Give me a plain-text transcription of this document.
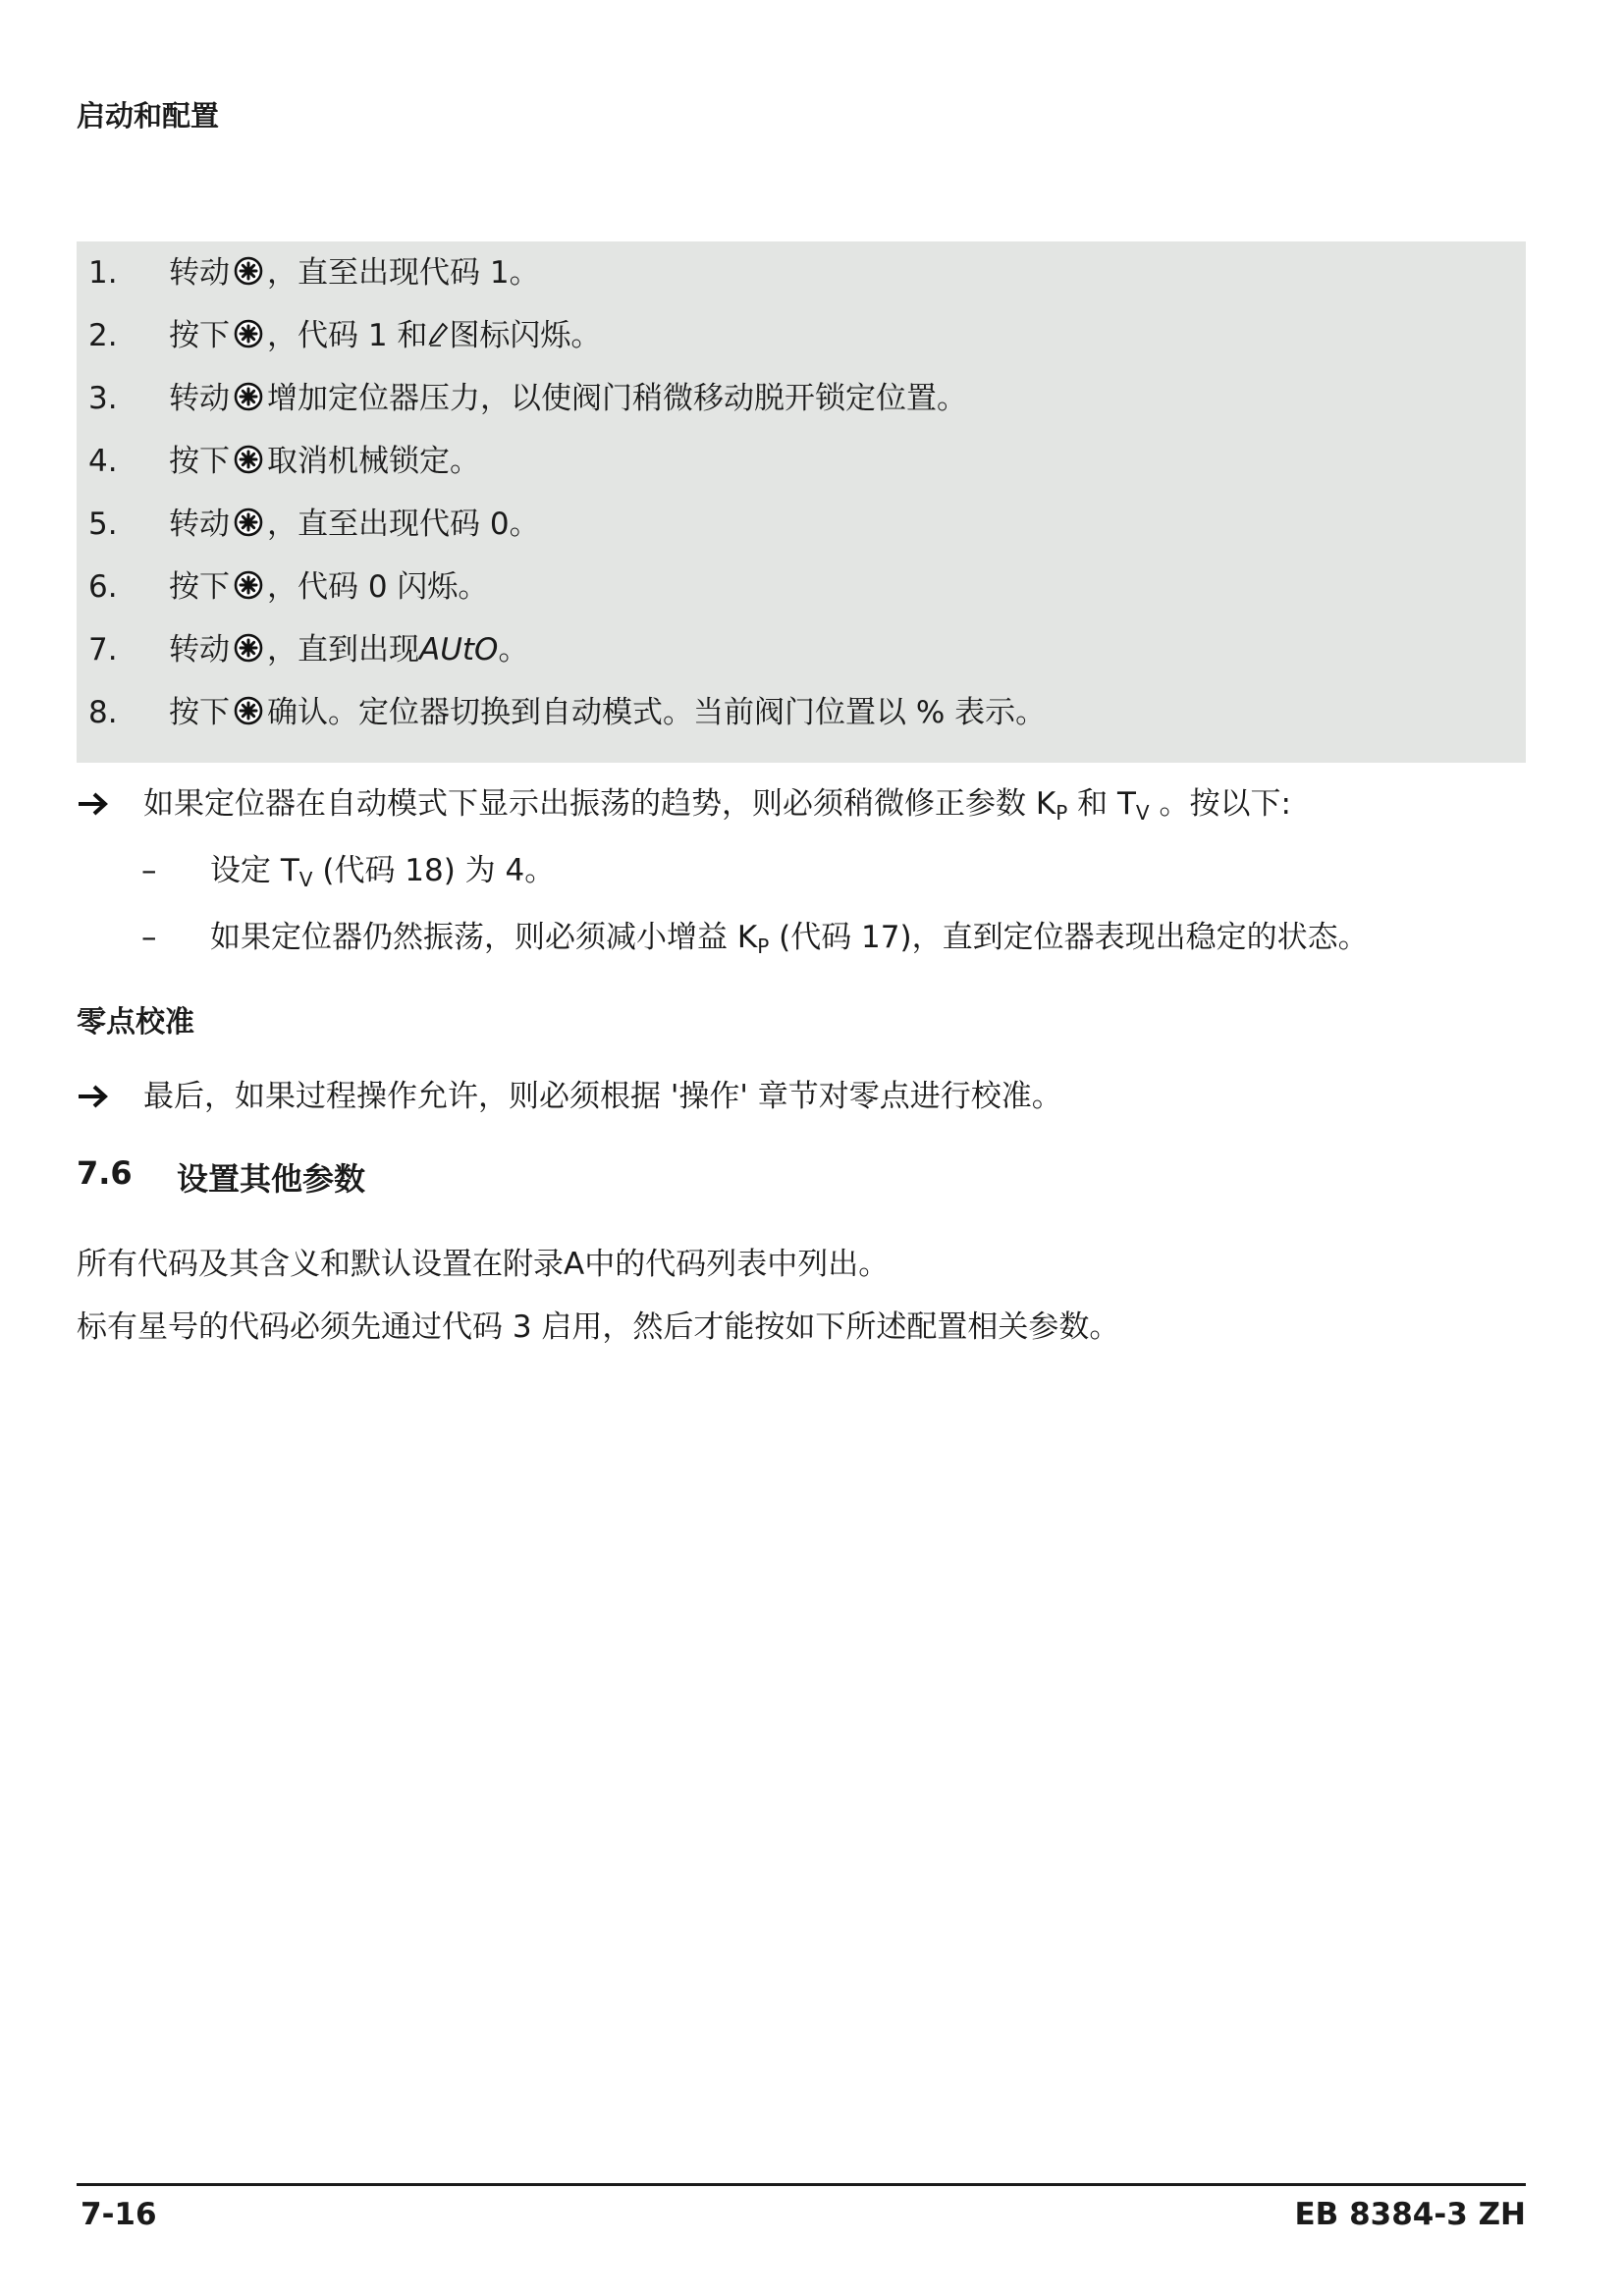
启动和配置
1.	转动 ，直至出现代码 1。
2.	按下 ，代码 1 和 图标闪烁。
3.	转动 增加定位器压力，以使阀门稍微移动脱开锁定位置。
4.	按下 取消机械锁定。
5.	转动 ，直至出现代码 0。
6.	按下 ，代码 0 闪烁。
7.	转动 ，直到出现AUtO。
8.	按下 确认。定位器切换到自动模式。当前阀门位置以 % 表示。
如果定位器在自动模式下显示出振荡的趋势，则必须稍微修正参数 $K_P$ 和 $T_V$ 。按以下:
– 设定 $T_V$ (代码 18) 为 4。
– 如果定位器仍然振荡，则必须减小增益 $K_P$ (代码 17)，直到定位器表现出稳定的状态。
零点校准
最后，如果过程操作允许，则必须根据 '操作' 章节对零点进行校准。
7.6 设置其他参数
所有代码及其含义和默认设置在附录A中的代码列表中列出。
标有星号的代码必须先通过代码 3 启用，然后才能按如下所述配置相关参数。
7-16	EB 8384-3 ZH
